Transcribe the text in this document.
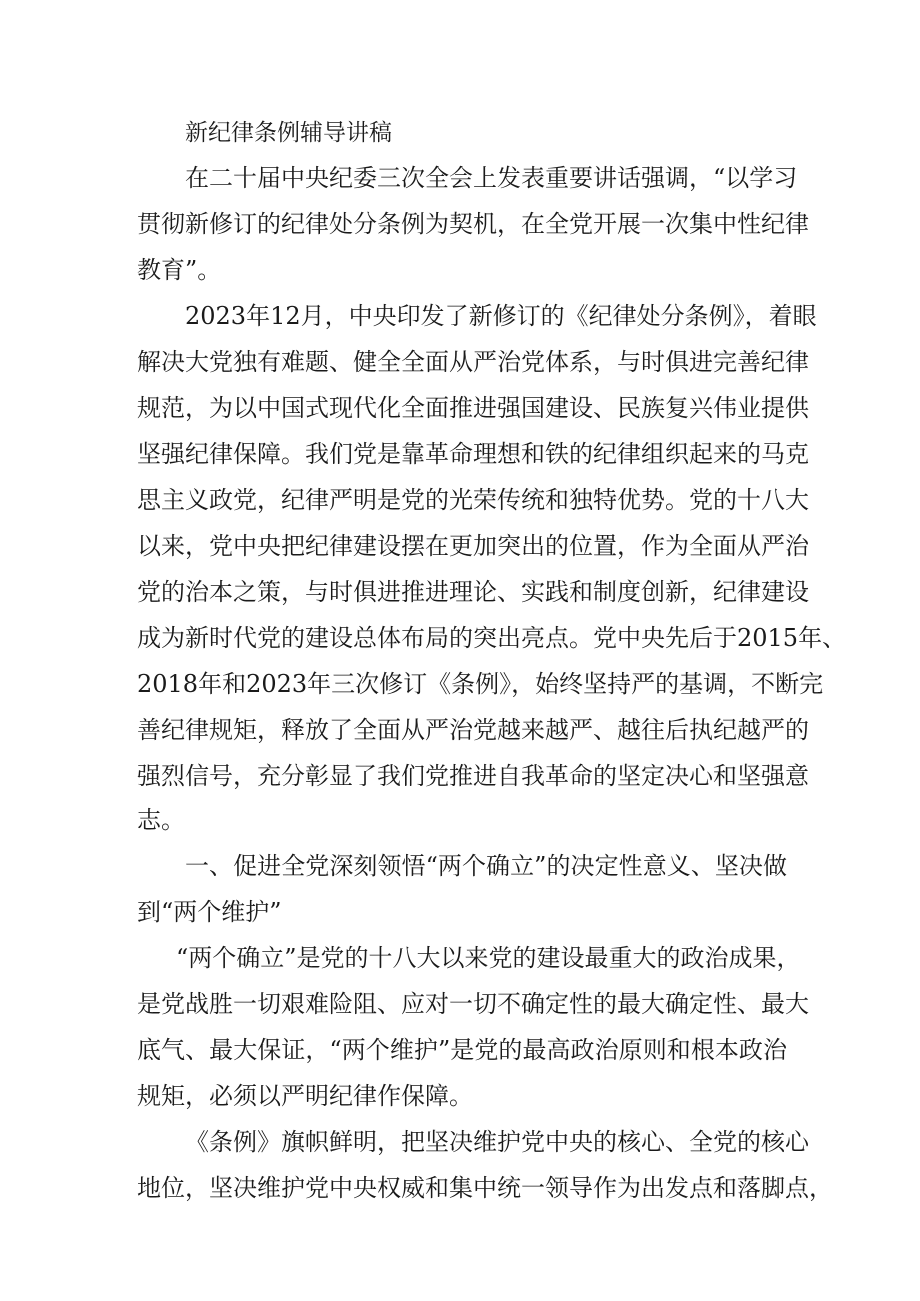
新纪律条例辅导讲稿
在二十届中央纪委三次全会上发表重要讲话强调，“以学习
贯彻新修订的纪律处分条例为契机，在全党开展一次集中性纪律
教育”。
2023年12月，中央印发了新修订的《纪律处分条例》，着眼
解决大党独有难题、健全全面从严治党体系，与时俱进完善纪律
规范，为以中国式现代化全面推进强国建设、民族复兴伟业提供
坚强纪律保障。我们党是靠革命理想和铁的纪律组织起来的马克
思主义政党，纪律严明是党的光荣传统和独特优势。党的十八大
以来，党中央把纪律建设摆在更加突出的位置，作为全面从严治
党的治本之策，与时俱进推进理论、实践和制度创新，纪律建设
成为新时代党的建设总体布局的突出亮点。党中央先后于2015年、
2018年和2023年三次修订《条例》，始终坚持严的基调，不断完
善纪律规矩，释放了全面从严治党越来越严、越往后执纪越严的
强烈信号，充分彰显了我们党推进自我革命的坚定决心和坚强意
志。
一、促进全党深刻领悟“两个确立”的决定性意义、坚决做
到“两个维护”
“两个确立”是党的十八大以来党的建设最重大的政治成果，
是党战胜一切艰难险阻、应对一切不确定性的最大确定性、最大
底气、最大保证，“两个维护”是党的最高政治原则和根本政治
规矩，必须以严明纪律作保障。
《条例》旗帜鲜明，把坚决维护党中央的核心、全党的核心
地位，坚决维护党中央权威和集中统一领导作为出发点和落脚点，
